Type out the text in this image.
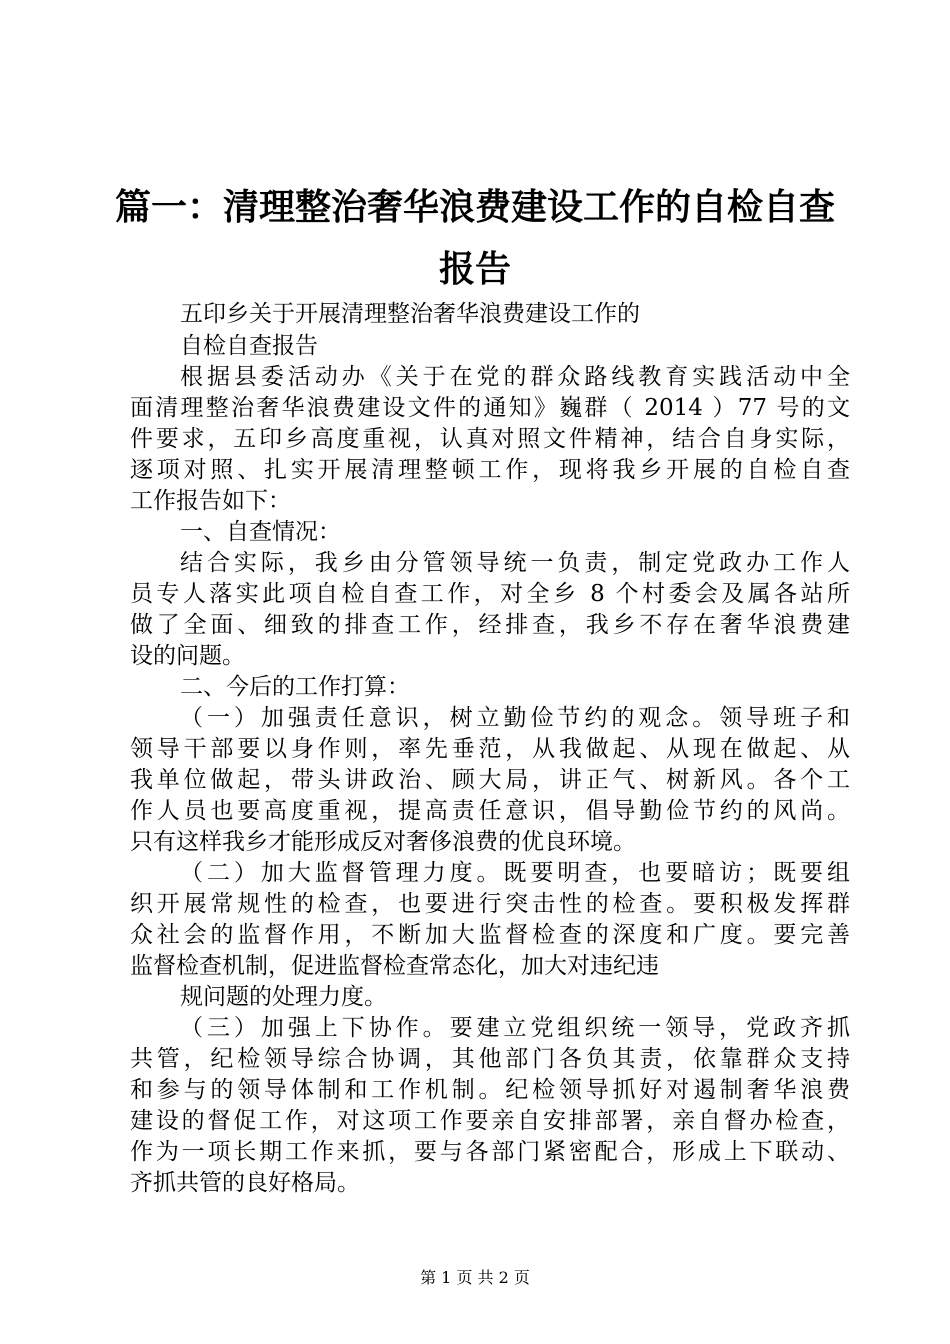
篇一：清理整治奢华浪费建设工作的自检自查
报告
五印乡关于开展清理整治奢华浪费建设工作的
自检自查报告
根据县委活动办《关于在党的群众路线教育实践活动中全
面清理整治奢华浪费建设文件的通知》巍群（ 2014 ）77 号的文
件要求，五印乡高度重视，认真对照文件精神，结合自身实际，
逐项对照、扎实开展清理整顿工作，现将我乡开展的自检自查
工作报告如下：
一、自查情况：
结合实际，我乡由分管领导统一负责，制定党政办工作人
员专人落实此项自检自查工作，对全乡 8 个村委会及属各站所
做了全面、细致的排查工作，经排查，我乡不存在奢华浪费建
设的问题。
二、今后的工作打算：
（一）加强责任意识，树立勤俭节约的观念。领导班子和
领导干部要以身作则，率先垂范，从我做起、从现在做起、从
我单位做起，带头讲政治、顾大局，讲正气、树新风。各个工
作人员也要高度重视，提高责任意识，倡导勤俭节约的风尚。
只有这样我乡才能形成反对奢侈浪费的优良环境。
（二）加大监督管理力度。既要明查，也要暗访；既要组
织开展常规性的检查，也要进行突击性的检查。要积极发挥群
众社会的监督作用，不断加大监督检查的深度和广度。要完善
监督检查机制，促进监督检查常态化，加大对违纪违
规问题的处理力度。
（三）加强上下协作。要建立党组织统一领导，党政齐抓
共管，纪检领导综合协调，其他部门各负其责，依靠群众支持
和参与的领导体制和工作机制。纪检领导抓好对遏制奢华浪费
建设的督促工作，对这项工作要亲自安排部署，亲自督办检查，
作为一项长期工作来抓，要与各部门紧密配合，形成上下联动、
齐抓共管的良好格局。
第 1 页 共 2 页
